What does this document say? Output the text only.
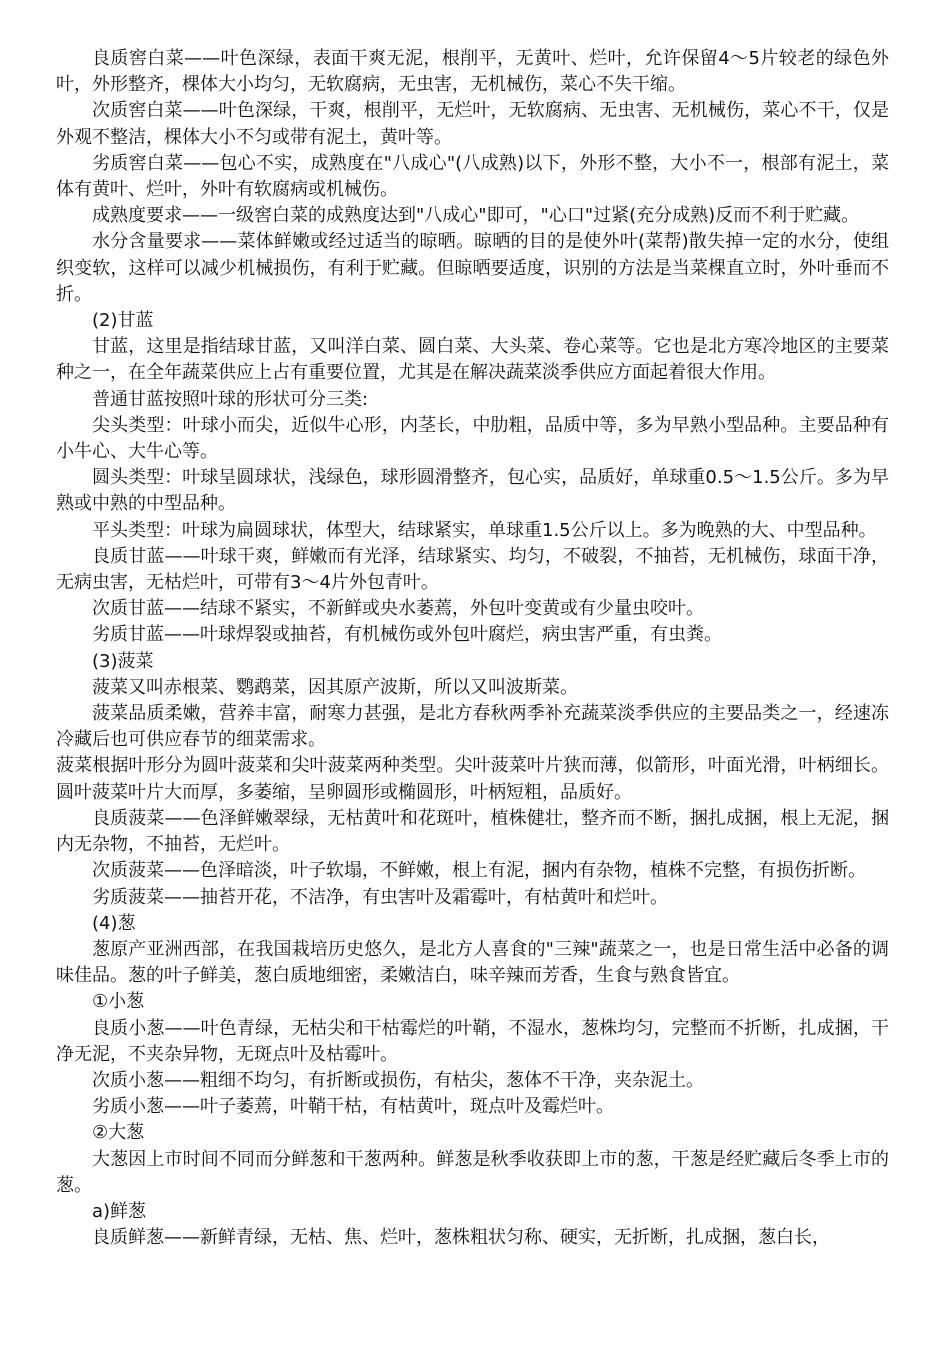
良质窖白菜——叶色深绿，表面干爽无泥，根削平，无黄叶、烂叶，允许保留4～5片较老的绿色外叶，外形整齐，棵体大小均匀，无软腐病，无虫害，无机械伤，菜心不失干缩。

次质窖白菜——叶色深绿，干爽，根削平，无烂叶，无软腐病、无虫害、无机械伤，菜心不干，仅是外观不整洁，棵体大小不匀或带有泥土，黄叶等。

劣质窖白菜——包心不实，成熟度在"八成心"(八成熟)以下，外形不整，大小不一，根部有泥土，菜体有黄叶、烂叶，外叶有软腐病或机械伤。

成熟度要求——一级窖白菜的成熟度达到"八成心"即可，"心口"过紧(充分成熟)反而不利于贮藏。

水分含量要求——菜体鲜嫩或经过适当的晾晒。晾晒的目的是使外叶(菜帮)散失掉一定的水分，使组织变软，这样可以减少机械损伤，有利于贮藏。但晾晒要适度，识别的方法是当菜棵直立时，外叶垂而不折。

(2)甘蓝

甘蓝，这里是指结球甘蓝，又叫洋白菜、圆白菜、大头菜、卷心菜等。它也是北方寒冷地区的主要菜种之一，在全年蔬菜供应上占有重要位置，尤其是在解决蔬菜淡季供应方面起着很大作用。

普通甘蓝按照叶球的形状可分三类:

尖头类型：叶球小而尖，近似牛心形，内茎长，中肋粗，品质中等，多为早熟小型品种。主要品种有小牛心、大牛心等。

圆头类型：叶球呈圆球状，浅绿色，球形圆滑整齐，包心实，品质好，单球重0.5～1.5公斤。多为早熟或中熟的中型品种。

平头类型：叶球为扁圆球状，体型大，结球紧实，单球重1.5公斤以上。多为晚熟的大、中型品种。

良质甘蓝——叶球干爽，鲜嫩而有光泽，结球紧实、均匀，不破裂，不抽苔，无机械伤，球面干净，无病虫害，无枯烂叶，可带有3～4片外包青叶。

次质甘蓝——结球不紧实，不新鲜或央水萎蔫，外包叶变黄或有少量虫咬叶。

劣质甘蓝——叶球焊裂或抽苔，有机械伤或外包叶腐烂，病虫害严重，有虫粪。

(3)菠菜

菠菜又叫赤根菜、鹦鹉菜，因其原产波斯，所以又叫波斯菜。

菠菜品质柔嫩，营养丰富，耐寒力甚强，是北方春秋两季补充蔬菜淡季供应的主要品类之一，经速冻冷藏后也可供应春节的细菜需求。

菠菜根据叶形分为圆叶菠菜和尖叶菠菜两种类型。尖叶菠菜叶片狭而薄，似箭形，叶面光滑，叶柄细长。圆叶菠菜叶片大而厚，多萎缩，呈卵圆形或椭圆形，叶柄短粗，品质好。

良质菠菜——色泽鲜嫩翠绿，无枯黄叶和花斑叶，植株健壮，整齐而不断，捆扎成捆，根上无泥，捆内无杂物，不抽苔，无烂叶。

次质菠菜——色泽暗淡，叶子软塌，不鲜嫩，根上有泥，捆内有杂物，植株不完整，有损伤折断。

劣质菠菜——抽苔开花，不洁净，有虫害叶及霜霉叶，有枯黄叶和烂叶。

(4)葱

葱原产亚洲西部，在我国栽培历史悠久，是北方人喜食的"三辣"蔬菜之一，也是日常生活中必备的调味佳品。葱的叶子鲜美，葱白质地细密，柔嫩洁白，味辛辣而芳香，生食与熟食皆宜。

①小葱

良质小葱——叶色青绿，无枯尖和干枯霉烂的叶鞘，不湿水，葱株均匀，完整而不折断，扎成捆，干净无泥，不夹杂异物，无斑点叶及枯霉叶。

次质小葱——粗细不均匀，有折断或损伤，有枯尖，葱体不干净，夹杂泥土。

劣质小葱——叶子萎蔫，叶鞘干枯，有枯黄叶，斑点叶及霉烂叶。

②大葱

大葱因上市时间不同而分鲜葱和干葱两种。鲜葱是秋季收获即上市的葱，干葱是经贮藏后冬季上市的葱。

a)鲜葱

良质鲜葱——新鲜青绿，无枯、焦、烂叶，葱株粗状匀称、硬实，无折断，扎成捆，葱白长，
